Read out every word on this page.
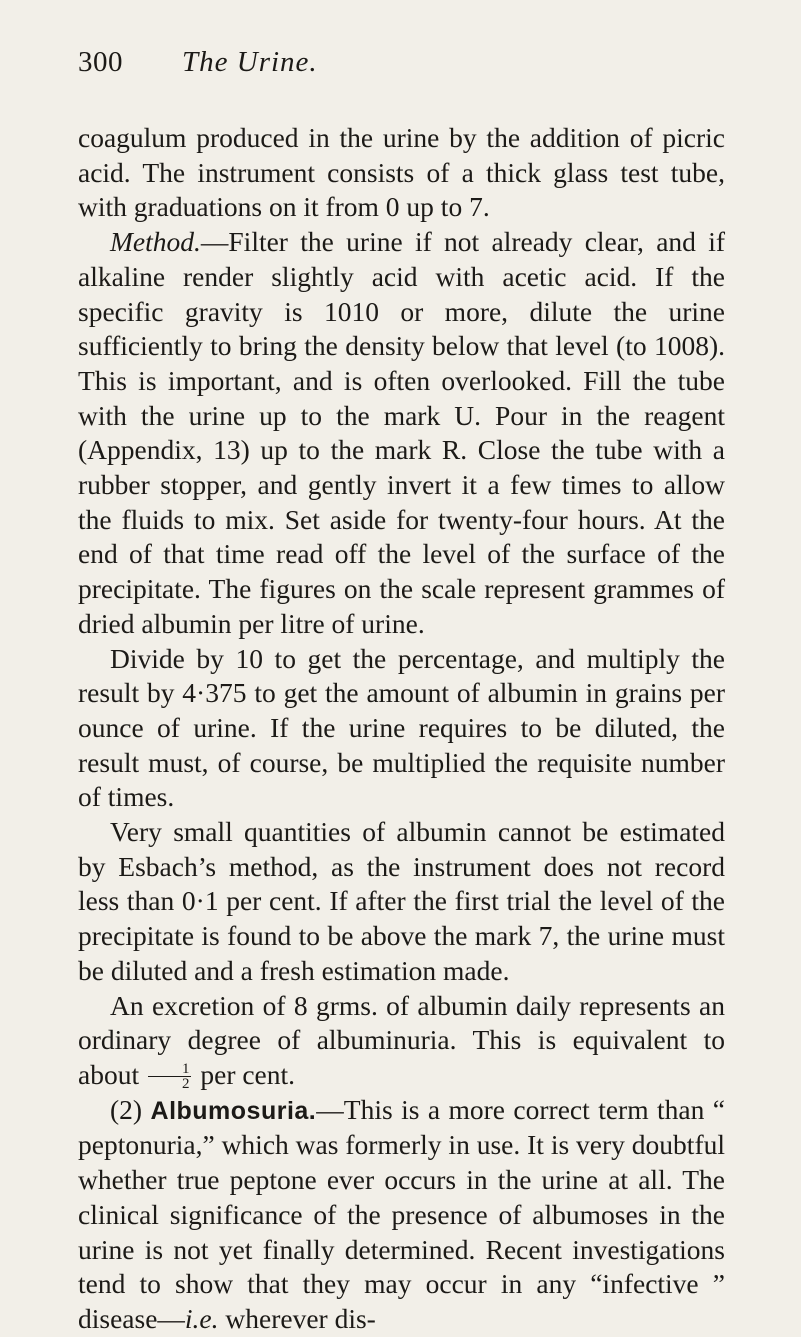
300	The Urine.

coagulum produced in the urine by the addition of picric acid. The instrument consists of a thick glass test tube, with graduations on it from 0 up to 7.

Method.—Filter the urine if not already clear, and if alkaline render slightly acid with acetic acid. If the specific gravity is 1010 or more, dilute the urine sufficiently to bring the density below that level (to 1008). This is important, and is often overlooked. Fill the tube with the urine up to the mark U. Pour in the reagent (Appendix, 13) up to the mark R. Close the tube with a rubber stopper, and gently invert it a few times to allow the fluids to mix. Set aside for twenty-four hours. At the end of that time read off the level of the surface of the precipitate. The figures on the scale represent grammes of dried albumin per litre of urine.

Divide by 10 to get the percentage, and multiply the result by 4·375 to get the amount of albumin in grains per ounce of urine. If the urine requires to be diluted, the result must, of course, be multiplied the requisite number of times.

Very small quantities of albumin cannot be estimated by Esbach’s method, as the instrument does not record less than 0·1 per cent. If after the first trial the level of the precipitate is found to be above the mark 7, the urine must be diluted and a fresh estimation made.

An excretion of 8 grms. of albumin daily represents an ordinary degree of albuminuria. This is equivalent to about $\frac{1}{2}$ per cent.

(2) Albumosuria.—This is a more correct term than “ peptonuria,” which was formerly in use. It is very doubtful whether true peptone ever occurs in the urine at all. The clinical significance of the presence of albumoses in the urine is not yet finally determined. Recent investigations tend to show that they may occur in any “infective ” disease—i.e. wherever dis-
